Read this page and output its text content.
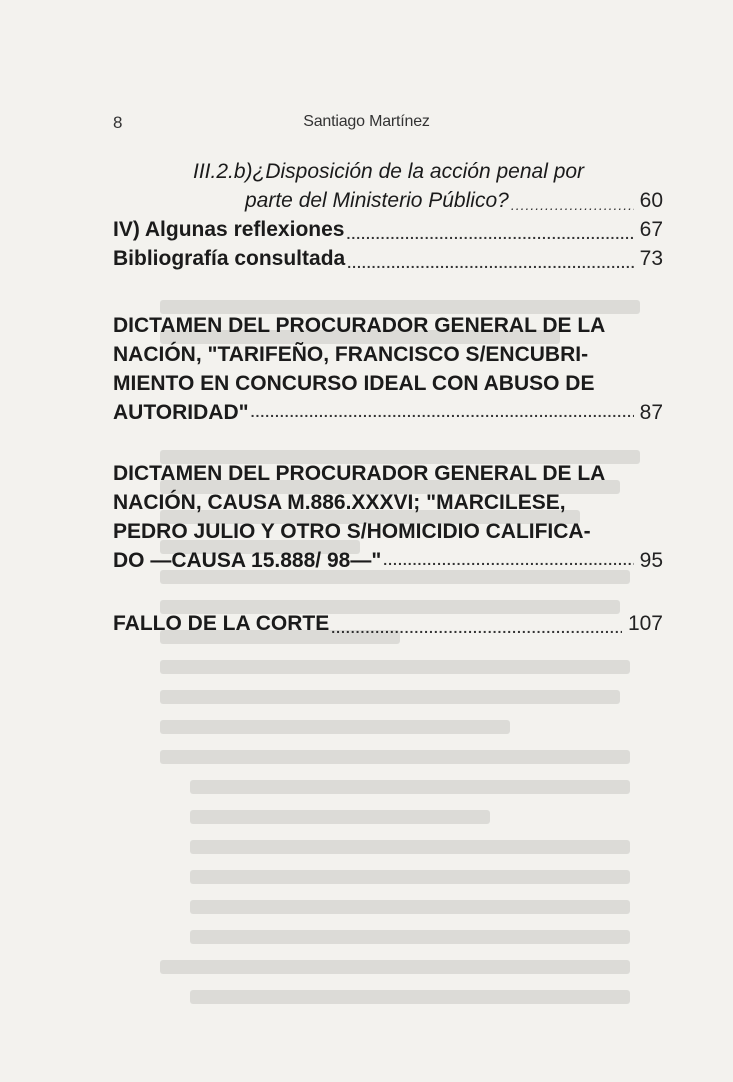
8	Santiago Martínez
III.2.b)¿Disposición de la acción penal por
parte del Ministerio Público? .....	60
IV) Algunas reflexiones .....	67
Bibliografía consultada .....	73
DICTAMEN DEL PROCURADOR GENERAL DE LA
NACIÓN, "TARIFEÑO, FRANCISCO S/ENCUBRI-
MIENTO EN CONCURSO IDEAL CON ABUSO DE
AUTORIDAD" .....	87
DICTAMEN DEL PROCURADOR GENERAL DE LA
NACIÓN, CAUSA M.886.XXXVI; "MARCILESE,
PEDRO JULIO Y OTRO S/HOMICIDIO CALIFICA-
DO —CAUSA 15.888/ 98—" .....	95
FALLO DE LA CORTE .....	107
